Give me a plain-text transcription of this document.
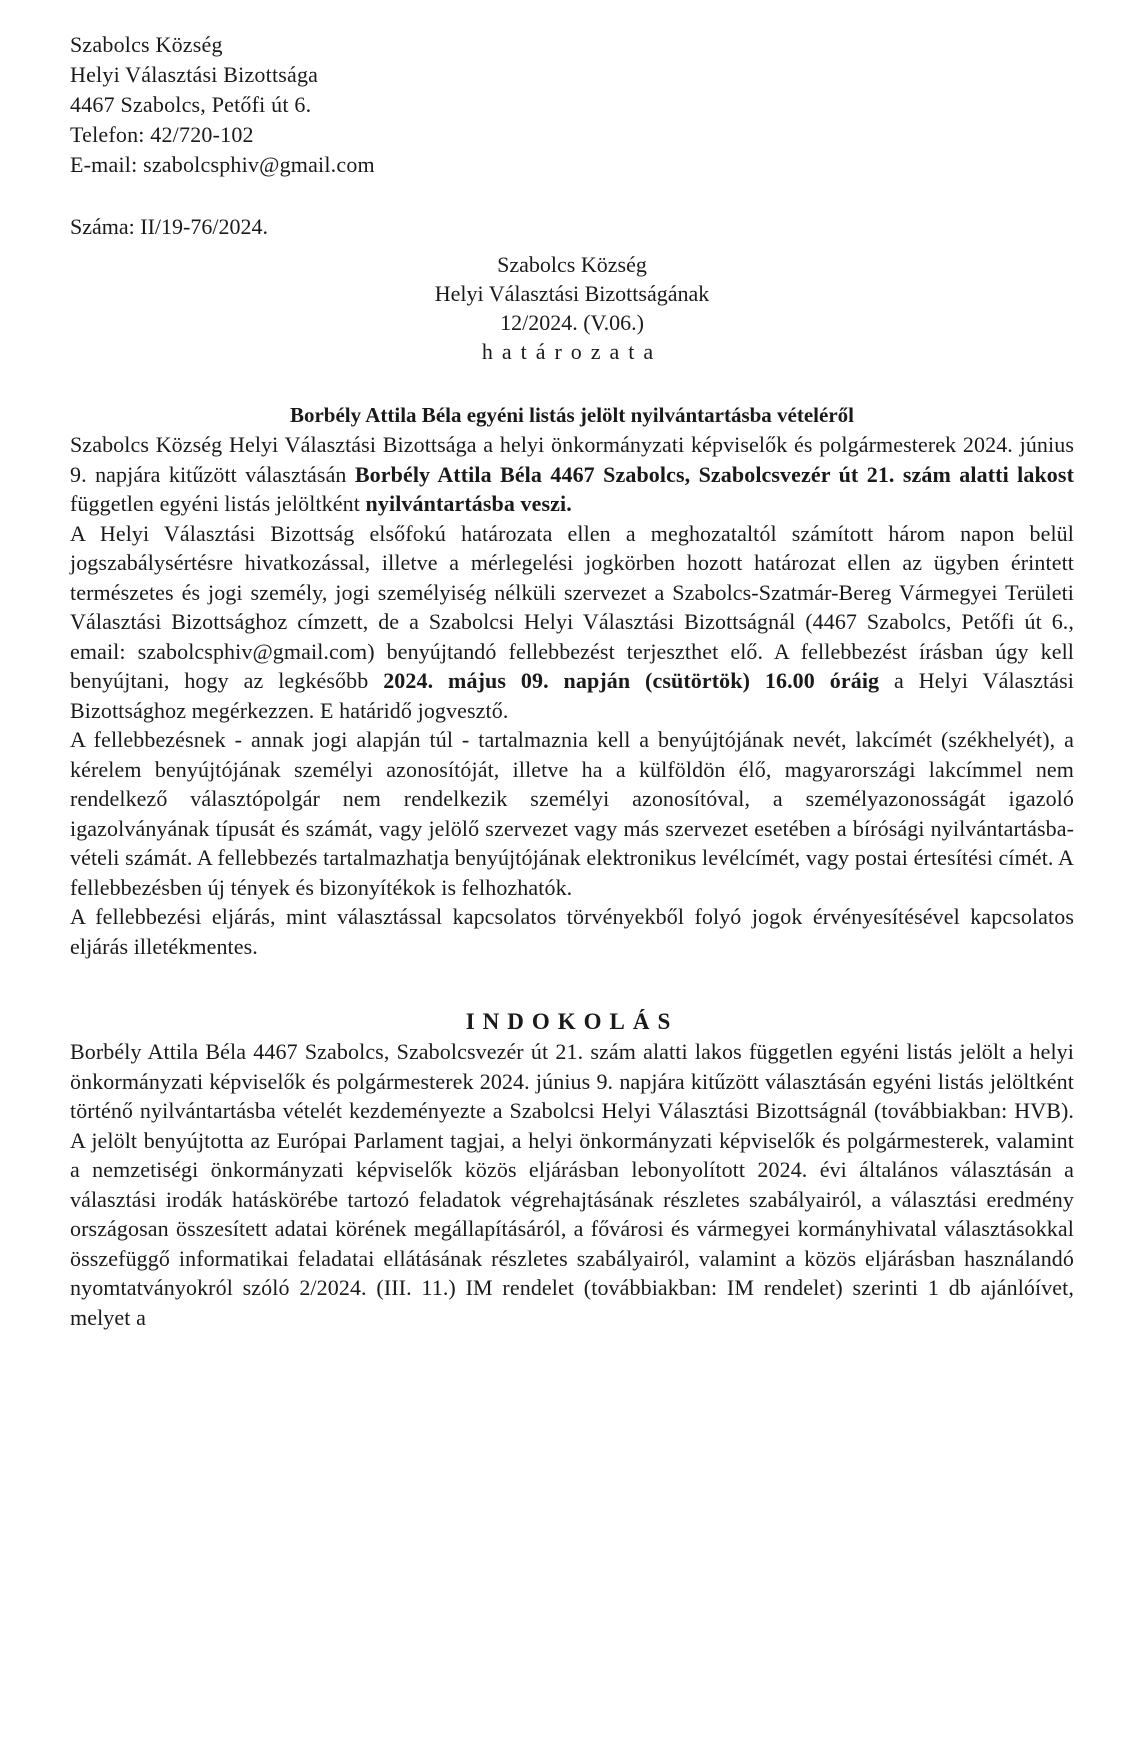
Szabolcs Község
Helyi Választási Bizottsága
4467 Szabolcs, Petőfi út 6.
Telefon: 42/720-102
E-mail: szabolcsphiv@gmail.com
Száma: II/19-76/2024.
Szabolcs Község
Helyi Választási Bizottságának
12/2024. (V.06.)
határozata
Borbély Attila Béla egyéni listás jelölt nyilvántartásba vételéről

Szabolcs Község Helyi Választási Bizottsága a helyi önkormányzati képviselők és polgármesterek 2024. június 9. napjára kitűzött választásán Borbély Attila Béla 4467 Szabolcs, Szabolcsvezér út 21. szám alatti lakost független egyéni listás jelöltként nyilvántartásba veszi.

A Helyi Választási Bizottság elsőfokú határozata ellen a meghozataltól számított három napon belül jogszabálysértésre hivatkozással, illetve a mérlegelési jogkörben hozott határozat ellen az ügyben érintett természetes és jogi személy, jogi személyiség nélküli szervezet a Szabolcs-Szatmár-Bereg Vármegyei Területi Választási Bizottsághoz címzett, de a Szabolcsi Helyi Választási Bizottságnál (4467 Szabolcs, Petőfi út 6., email: szabolcsphiv@gmail.com) benyújtandó fellebbezést terjeszthet elő. A fellebbezést írásban úgy kell benyújtani, hogy az legkésőbb 2024. május 09. napján (csütörtök) 16.00 óráig a Helyi Választási Bizottsághoz megérkezzen. E határidő jogvesztő.

A fellebbezésnek - annak jogi alapján túl - tartalmaznia kell a benyújtójának nevét, lakcímét (székhelyét), a kérelem benyújtójának személyi azonosítóját, illetve ha a külföldön élő, magyarországi lakcímmel nem rendelkező választópolgár nem rendelkezik személyi azonosítóval, a személyazonosságát igazoló igazolványának típusát és számát, vagy jelölő szervezet vagy más szervezet esetében a bírósági nyilvántartásba-vételi számát. A fellebbezés tartalmazhatja benyújtójának elektronikus levélcímét, vagy postai értesítési címét. A fellebbezésben új tények és bizonyítékok is felhozhatók.

A fellebbezési eljárás, mint választással kapcsolatos törvényekből folyó jogok érvényesítésével kapcsolatos eljárás illetékmentes.

INDOKOLÁS

Borbély Attila Béla 4467 Szabolcs, Szabolcsvezér út 21. szám alatti lakos független egyéni listás jelölt a helyi önkormányzati képviselők és polgármesterek 2024. június 9. napjára kitűzött választásán egyéni listás jelöltként történő nyilvántartásba vételét kezdeményezte a Szabolcsi Helyi Választási Bizottságnál (továbbiakban: HVB). A jelölt benyújtotta az Európai Parlament tagjai, a helyi önkormányzati képviselők és polgármesterek, valamint a nemzetiségi önkormányzati képviselők közös eljárásban lebonyolított 2024. évi általános választásán a választási irodák hatáskörébe tartozó feladatok végrehajtásának részletes szabályairól, a választási eredmény országosan összesített adatai körének megállapításáról, a fővárosi és vármegyei kormányhivatal választásokkal összefüggő informatikai feladatai ellátásának részletes szabályairól, valamint a közös eljárásban használandó nyomtatványokról szóló 2/2024. (III. 11.) IM rendelet (továbbiakban: IM rendelet) szerinti 1 db ajánlóívet, melyet a
